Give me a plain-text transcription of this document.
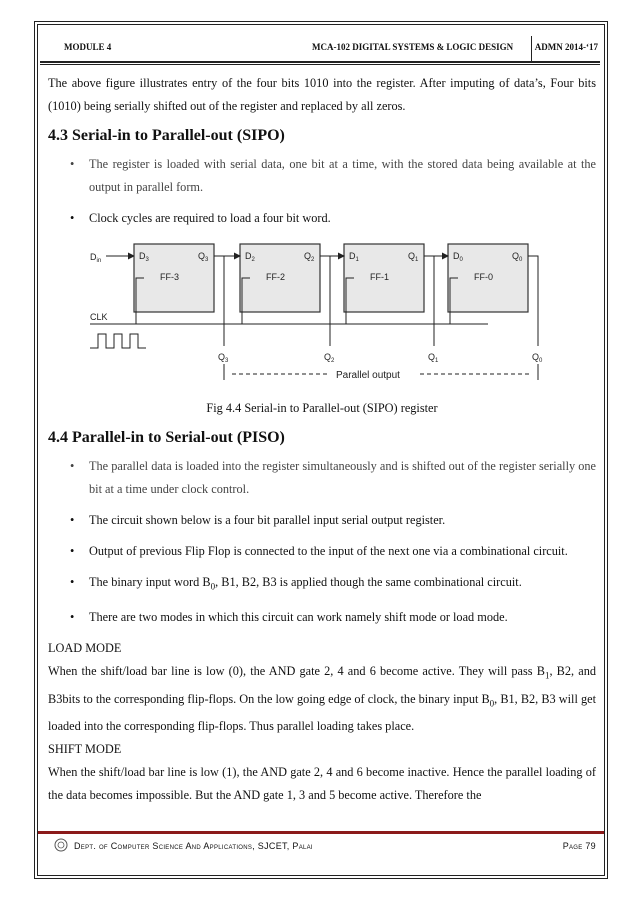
MODULE 4	MCA-102 DIGITAL SYSTEMS & LOGIC DESIGN ADMN 2014-‘17

The above figure illustrates entry of the four bits 1010 into the register. After imputing of data’s, Four bits (1010) being serially shifted out of the register and replaced by all zeros.

4.3 Serial-in to Parallel-out (SIPO)
• The register is loaded with serial data, one bit at a time, with the stored data being available at the output in parallel form.
• Clock cycles are required to load a four bit word.
$D_{in}$	$D_3$	$Q_3$
FF-3
$D_2$	$Q_2$
FF-2
$D_1$	$Q_1$
FF-1
$D_0$	$Q_0$
FF-0
CLK
$Q_3$	$Q_2$	$Q_1$	$Q_0$
Parallel output

Fig 4.4 Serial-in to Parallel-out (SIPO) register

4.4 Parallel-in to Serial-out (PISO)
• The parallel data is loaded into the register simultaneously and is shifted out of the register serially one bit at a time under clock control.
• The circuit shown below is a four bit parallel input serial output register.
• Output of previous Flip Flop is connected to the input of the next one via a combinational circuit.
• The binary input word $B_0$, B1, B2, B3 is applied though the same combinational circuit.
• There are two modes in which this circuit can work namely shift mode or load mode.

LOAD MODE

When the shift/load bar line is low (0), the AND gate 2, 4 and 6 become active. They will pass $B_1$, B2, and B3bits to the corresponding flip-flops. On the low going edge of clock, the binary input $B_0$, B1, B2, B3 will get loaded into the corresponding flip-flops. Thus parallel loading takes place.

SHIFT MODE

When the shift/load bar line is low (1), the AND gate 2, 4 and 6 become inactive. Hence the parallel loading of the data becomes impossible. But the AND gate 1, 3 and 5 become active. Therefore the

Dept. of Computer Science And Applications, SJCET, Palai	Page 79
